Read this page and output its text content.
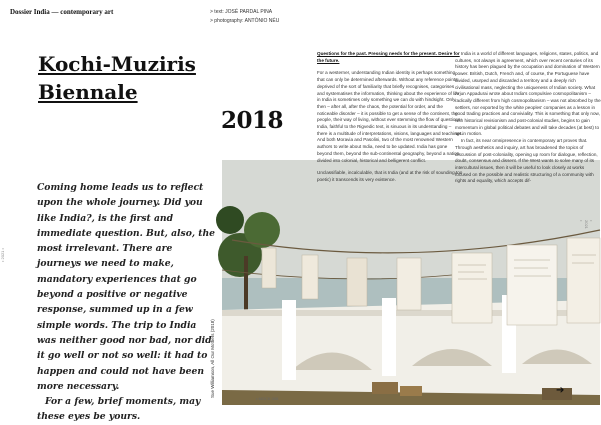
Dossier India — contemporary art	> text: JOSÉ PARDAL PINA
> photography: ANTÓNIO NÉU
Kochi-Muziris
Biennale
2018

Coming home leads us to reflect upon the whole journey. Did you like India?, is the first and immediate question. But, also, the most irrelevant. There are journeys we need to make, mandatory experiences that go beyond a positive or negative response, summed up in a few simple words. The trip to India was neither good nor bad, nor did it go well or not so well: it had to happen and could not have been more necessary.

For a few, brief moments, may these eyes be yours.

• 2021 •
Sue Williamson, All Our Mothers (2018)
• MOCK 008

Questions for the past. Pressing needs for the present. Desire for the future.

For a westerner, understanding Indian identity is perhaps something that can only be determined afterwards. Without any reference points, deprived of the sort of familiarity that briefly recognises, categorises and systematises the information, thinking about the experience of life in India is sometimes only something we can do with hindsight. Only then – after all, after the chaos, the potential for order, and the noticeable disorder – it is possible to get a sense of the continent, the people, their way of living, without ever stemming the flow of questions. India, faithful to the Rigvedic text, is sinuous in its understanding – there is a multitude of interpretations, visions, languages and teachings. And both Moravia and Pasolini, two of the most renowned Western authors to write about India, need to be updated. India has gone beyond them, beyond the sub-continental geography, beyond a nation divided into colonial, historical and belligerent conflict.

Unclassifiable, incalculable, that is India (and at the risk of sounding too poetic) it transcends its very existence.

India is a world of different languages, religions, states, politics, and cultures, not always in agreement, which over recent centuries of its history has been plagued by the occupation and domination of Western power. British, Dutch, French and, of course, the Portuguese have divided, usurped and discarded a territory and a deeply rich civilisational mass, neglecting the uniqueness of Indian society. What Arjun Appadurai wrote about India's compulsive cosmopolitanism – radically different from high cosmopolitanism – was not absorbed by the settlers, nor exported by the white peoples' companies as a lesson in good trading practices and conviviality. This is something that only now, with historical revisionism and post-colonial studies, begins to gain momentum in global political debates and will take decades (at best) to set in motion.

In fact, its near omnipresence in contemporary art proves that. Through aesthetics and inquiry, art has broadened the topics of discussion of post-coloniality, opening up room for dialogue, reflection, doubt, consensus and dissent. If the West wants to solve many of its intercultural issues, then it will be useful to look closely at works focused on the possible and realistic structuring of a community with rights and equality, which accepts dif-

• 2021 •
➔
